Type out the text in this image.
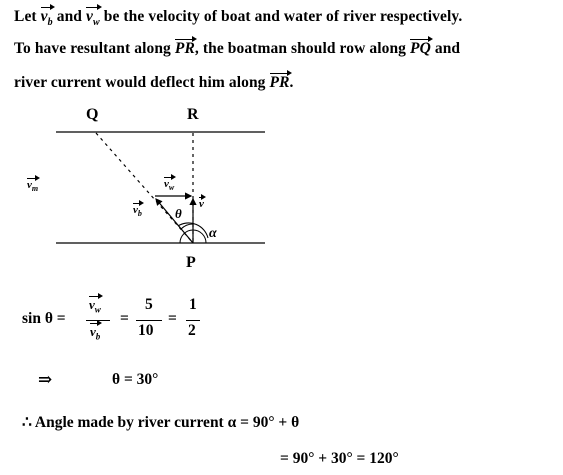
Let $v_b$ and $v_w$ be the velocity of boat and water of river respectively.
To have resultant along PR, the boatman should row along PQ and
river current would deflect him along PR.
Q	R
P
$v_m$	$v_w$
$v_b$
v
θ
α
sin θ =
$v_w$
$v_b$
=
5
10
=
1
2
⇒	θ = 30°
∴ Angle made by river current α = 90° + θ
= 90° + 30° = 120°
